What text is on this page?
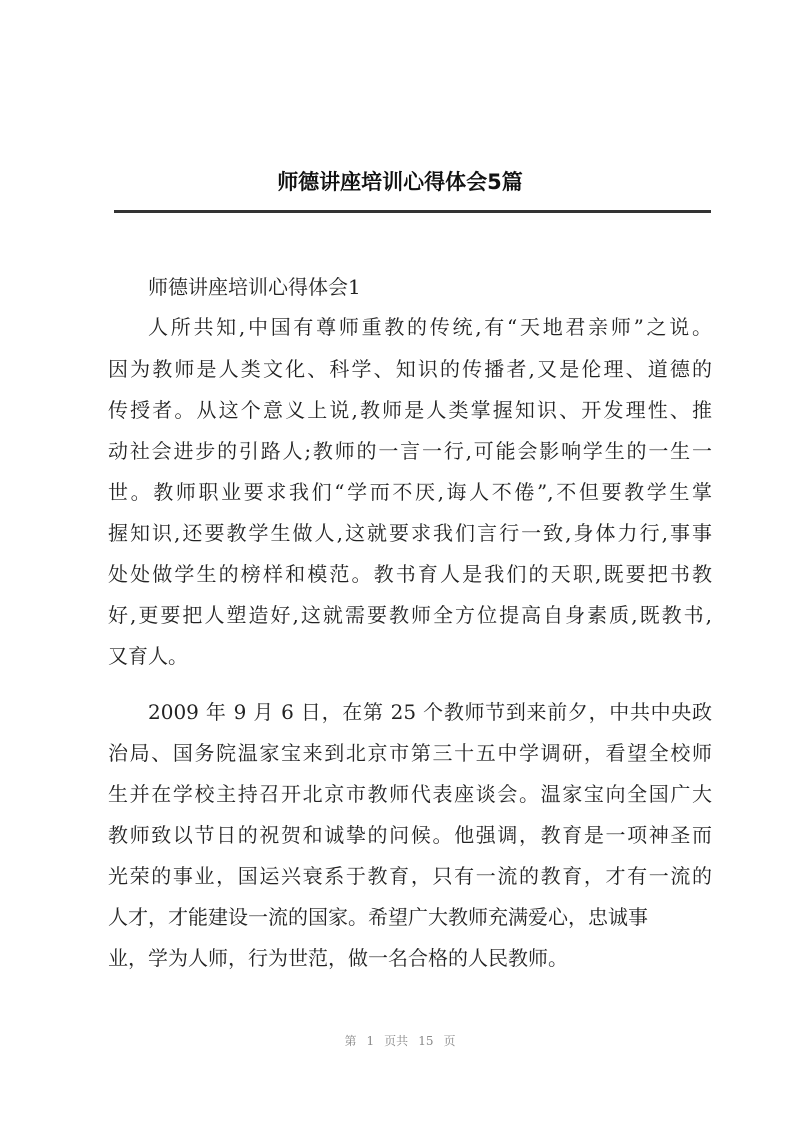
师德讲座培训心得体会5篇
师德讲座培训心得体会1
人所共知,中国有尊师重教的传统,有“天地君亲师”之说。
因为教师是人类文化、科学、知识的传播者,又是伦理、道德的
传授者。从这个意义上说,教师是人类掌握知识、开发理性、推
动社会进步的引路人;教师的一言一行,可能会影响学生的一生一
世。教师职业要求我们“学而不厌,诲人不倦”,不但要教学生掌
握知识,还要教学生做人,这就要求我们言行一致,身体力行,事事
处处做学生的榜样和模范。教书育人是我们的天职,既要把书教
好,更要把人塑造好,这就需要教师全方位提高自身素质,既教书,
又育人。
2009 年 9 月 6 日，在第 25 个教师节到来前夕，中共中央政
治局、国务院温家宝来到北京市第三十五中学调研，看望全校师
生并在学校主持召开北京市教师代表座谈会。温家宝向全国广大
教师致以节日的祝贺和诚挚的问候。他强调，教育是一项神圣而
光荣的事业，国运兴衰系于教育，只有一流的教育，才有一流的
人才，才能建设一流的国家。希望广大教师充满爱心，忠诚事
业，学为人师，行为世范，做一名合格的人民教师。
第 1 页共 15 页
